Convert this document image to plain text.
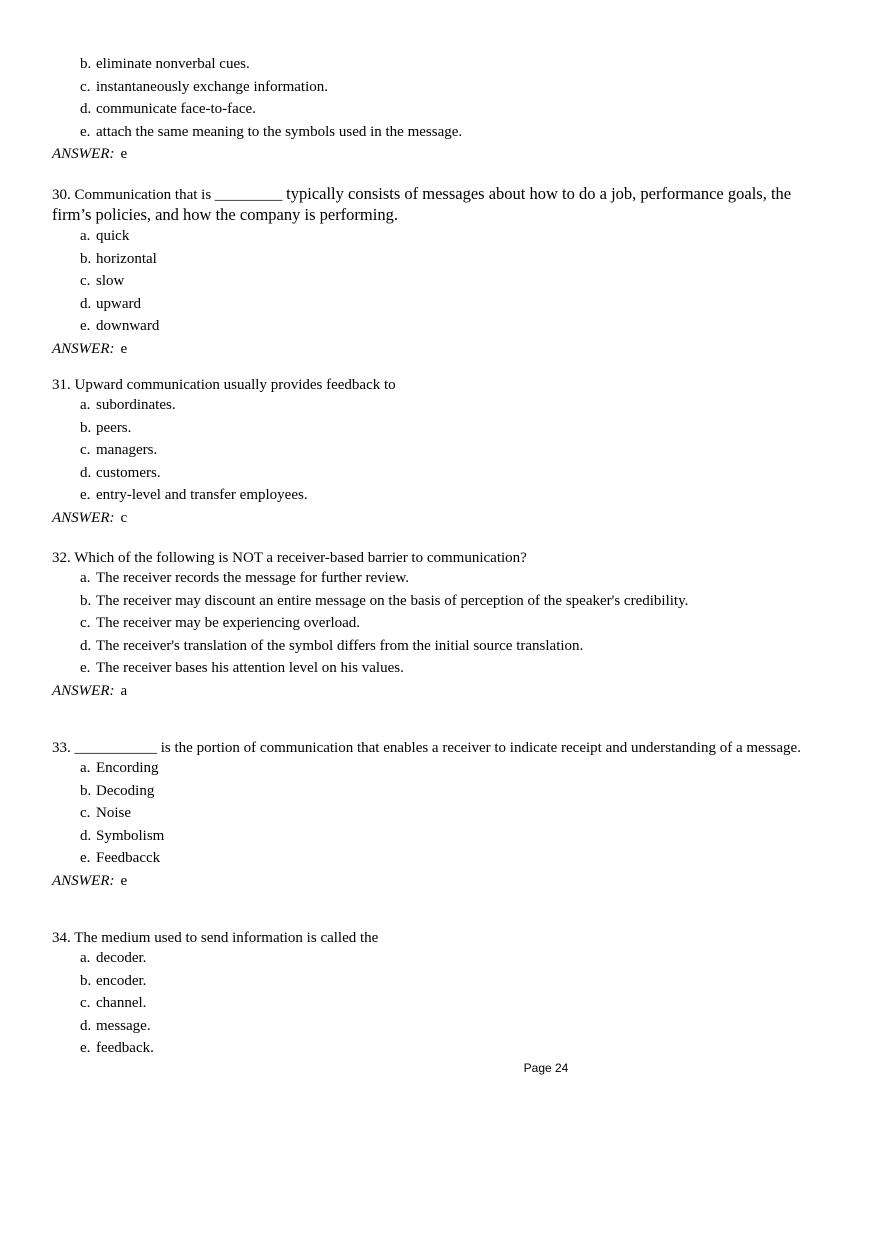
b. eliminate nonverbal cues.
c. instantaneously exchange information.
d. communicate face-to-face.
e. attach the same meaning to the symbols used in the message.
ANSWER: e
30. Communication that is _________ typically consists of messages about how to do a job, performance goals, the firm’s policies, and how the company is performing.
a. quick
b. horizontal
c. slow
d. upward
e. downward
ANSWER: e
31. Upward communication usually provides feedback to
a. subordinates.
b. peers.
c. managers.
d. customers.
e. entry-level and transfer employees.
ANSWER: c
32. Which of the following is NOT a receiver-based barrier to communication?
a. The receiver records the message for further review.
b. The receiver may discount an entire message on the basis of perception of the speaker's credibility.
c. The receiver may be experiencing overload.
d. The receiver's translation of the symbol differs from the initial source translation.
e. The receiver bases his attention level on his values.
ANSWER: a
33. ___________ is the portion of communication that enables a receiver to indicate receipt and understanding of a message.
a. Encording
b. Decoding
c. Noise
d. Symbolism
e. Feedbacck
ANSWER: e
34. The medium used to send information is called the
a. decoder.
b. encoder.
c. channel.
d. message.
e. feedback.
Page 24
